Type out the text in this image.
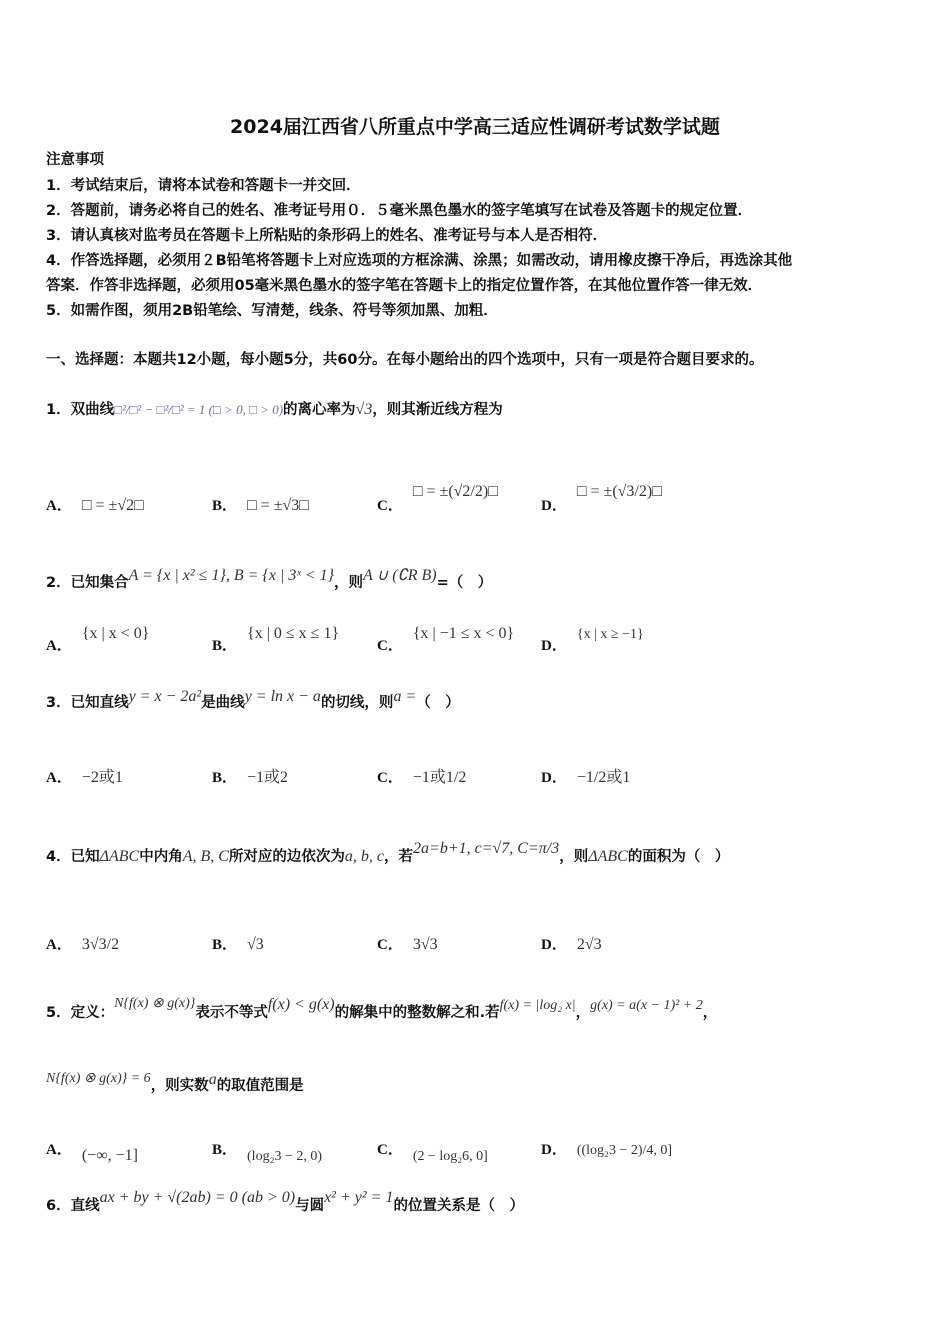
2024届江西省八所重点中学高三适应性调研考试数学试题
注意事项
1．考试结束后，请将本试卷和答题卡一并交回．
2．答题前，请务必将自己的姓名、准考证号用０．５毫米黑色墨水的签字笔填写在试卷及答题卡的规定位置．
3．请认真核对监考员在答题卡上所粘贴的条形码上的姓名、准考证号与本人是否相符．
4．作答选择题，必须用２B铅笔将答题卡上对应选项的方框涂满、涂黑；如需改动，请用橡皮擦干净后，再选涂其他
答案．作答非选择题，必须用05毫米黑色墨水的签字笔在答题卡上的指定位置作答，在其他位置作答一律无效．
5．如需作图，须用2B铅笔绘、写清楚，线条、符号等须加黑、加粗．
一、选择题：本题共12小题，每小题5分，共60分。在每小题给出的四个选项中，只有一项是符合题目要求的。
1．双曲线□²/□² − □²/□² = 1 (□ > 0, □ > 0)的离心率为√3，则其渐近线方程为
A． □ = ±√2□	B． □ = ±√3□	C．□ = ±(√2/2)□
D．□ = ±(√3/2)□
2．已知集合A = {x | x² ≤ 1}, B = {x | 3ˣ < 1}，则A ∪ (∁R B)=（　）
A．{x | x < 0}
B．{x | 0 ≤ x ≤ 1}
C．{x | −1 ≤ x < 0}
D．{x | x ≥ −1}
3．已知直线y = x − 2a²是曲线y = ln x − a的切线，则a =（　）
A． −2或1	B． −1或2	C． −1或1/2	D． −1/2或1
4．已知ΔABC中内角A, B, C所对应的边依次为a, b, c，若2a=b+1, c=√7, C=π/3，则ΔABC的面积为（　）
A． 3√3/2	B． √3	C． 3√3	D． 2√3
5．定义：N{f(x) ⊗ g(x)}表示不等式f(x) < g(x)的解集中的整数解之和.若f(x) = |log₂ x|，g(x) = a(x − 1)² + 2，
N{f(x) ⊗ g(x)} = 6，则实数a的取值范围是
A． (−∞, −1]	B． (log₂3 − 2, 0)	C． (2 − log₂6, 0]	D． ((log₂3 − 2)/4, 0]
6．直线ax + by + √(2ab) = 0 (ab > 0)与圆x² + y² = 1的位置关系是（　）
